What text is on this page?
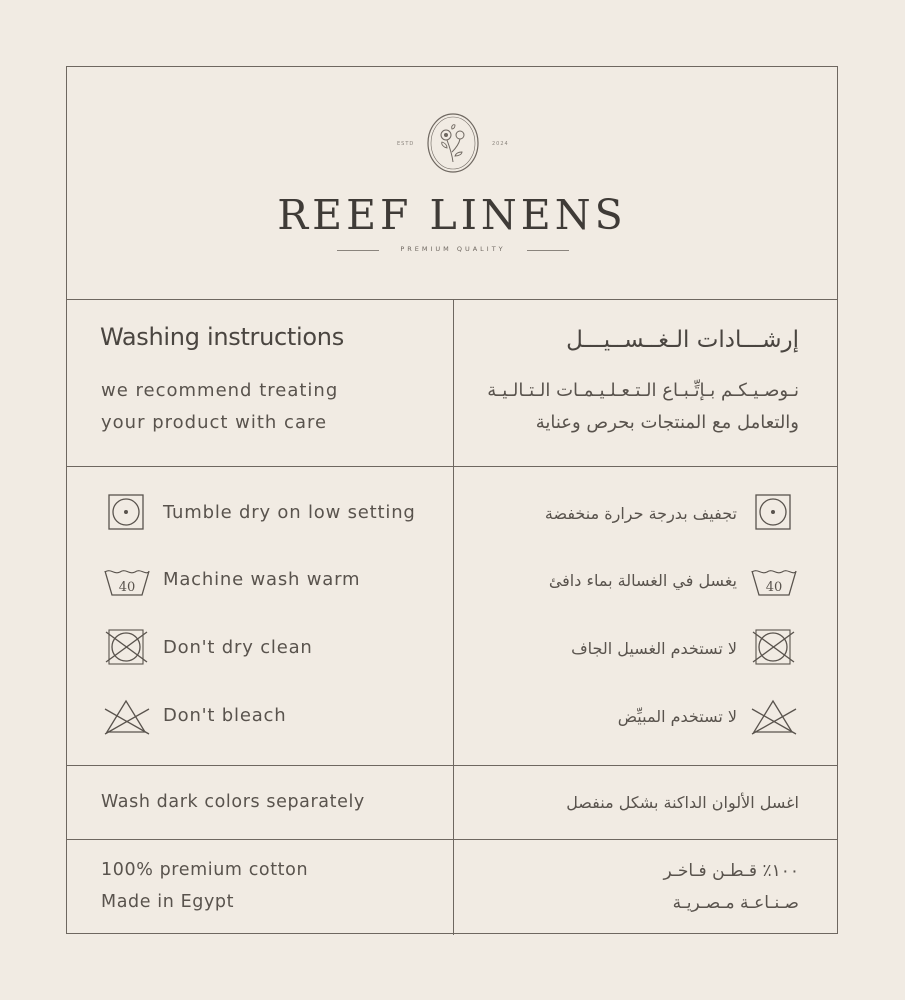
ESTD	2024
REEF LINENS
PREMIUM QUALITY
Washing instructions
we recommend treating
your product with care
إرشـــادات الـغــســيـــل
نـوصـيـكـم بـإتِّـبـاع الـتـعـلـيـمـات الـتـالـيـة
والتعامل مع المنتجات بحرص وعناية
Tumble dry on low setting
40 Machine wash warm
Don't dry clean
Don't bleach
تجفيف بدرجة حرارة منخفضة
40
يغسل في الغسالة بماء دافئ
لا تستخدم الغسيل الجاف
لا تستخدم المبيِّض
Wash dark colors separately	اغسل الألوان الداكنة بشكل منفصل
100% premium cotton
Made in Egypt
١٠٠٪ قـطـن فـاخـر
صـنـاعـة مـصـريـة
